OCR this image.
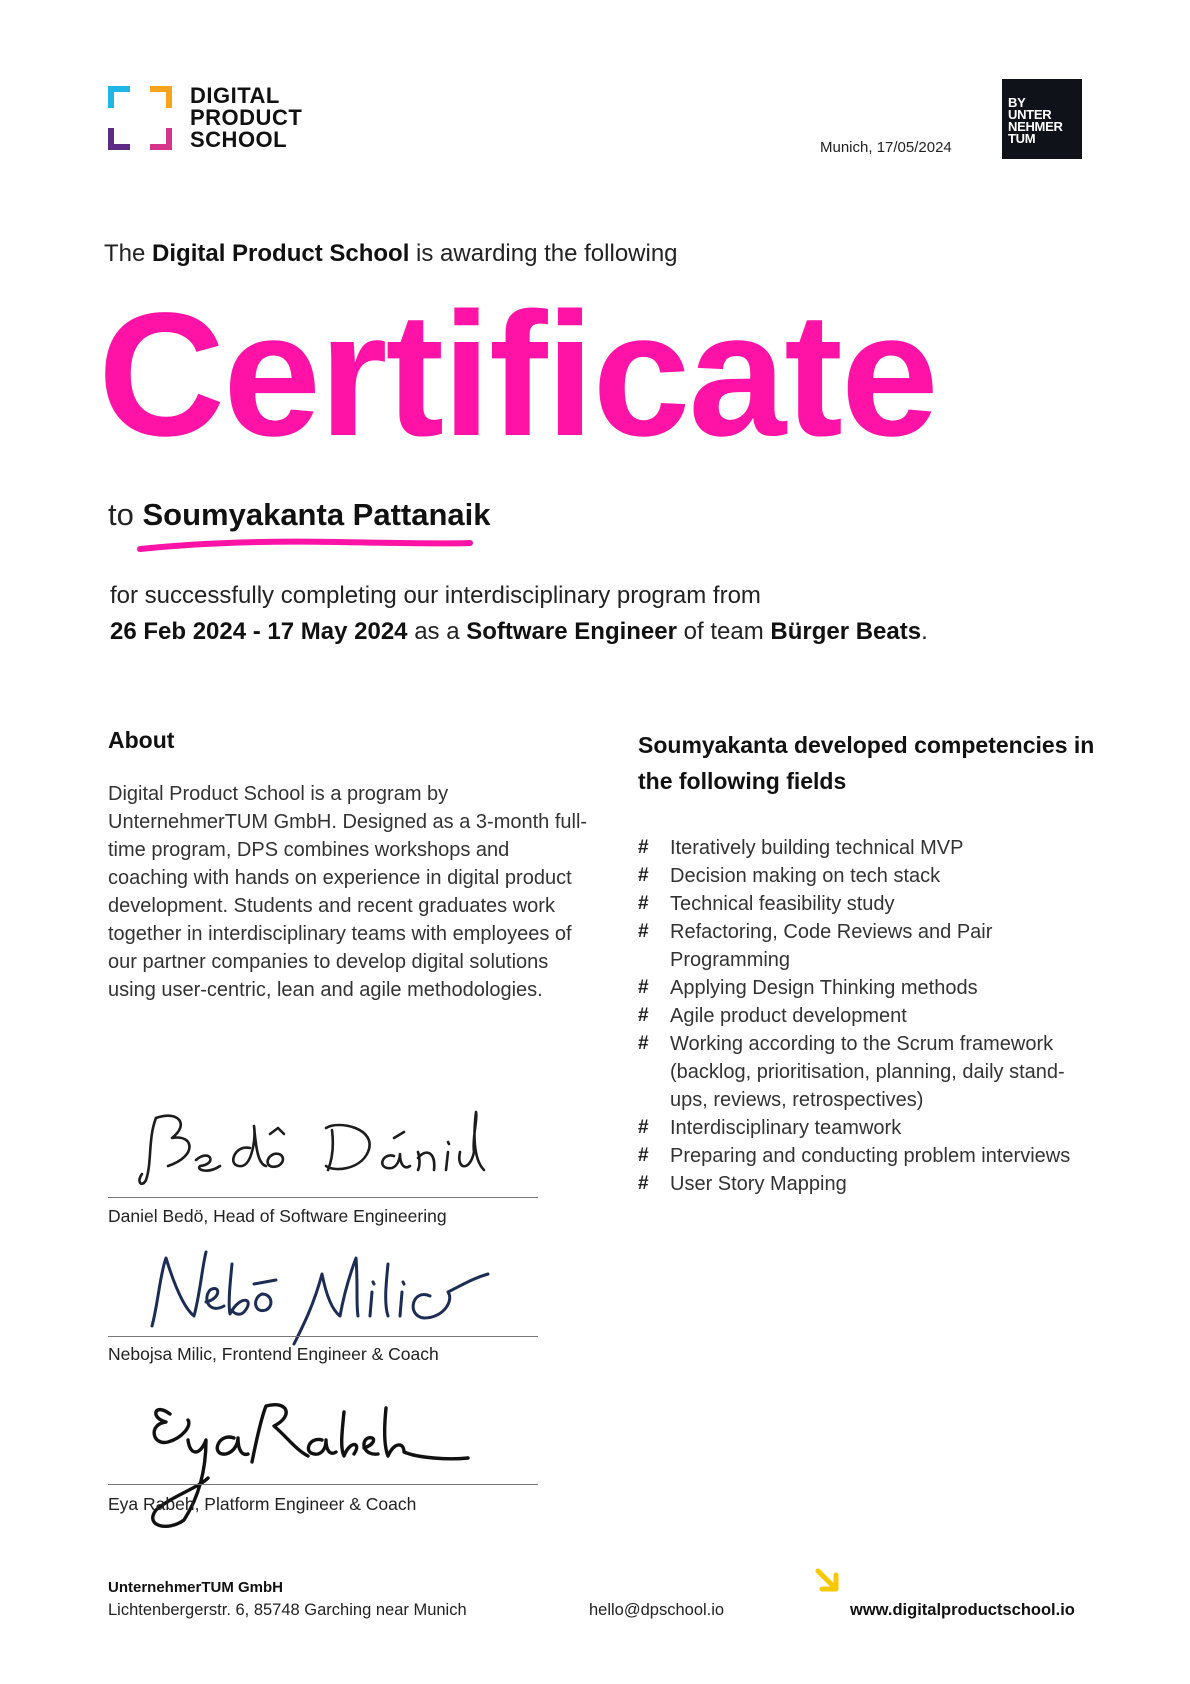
DIGITAL
PRODUCT
SCHOOL	Munich, 17/05/2024
BY
UNTER
NEHMER
TUM
The Digital Product School is awarding the following
Certificate
to Soumyakanta Pattanaik
for successfully completing our interdisciplinary program from
26 Feb 2024 - 17 May 2024 as a Software Engineer of team Bürger Beats.
About
Digital Product School is a program by UnternehmerTUM GmbH. Designed as a 3-month full-time program, DPS combines workshops and coaching with hands on experience in digital product development. Students and recent graduates work together in interdisciplinary teams with employees of our partner companies to develop digital solutions using user-centric, lean and agile methodologies.
Soumyakanta developed competencies in the following fields
# Iteratively building technical MVP
# Decision making on tech stack
# Technical feasibility study
# Refactoring, Code Reviews and Pair Programming
# Applying Design Thinking methods
# Agile product development
# Working according to the Scrum framework (backlog, prioritisation, planning, daily stand-ups, reviews, retrospectives)
# Interdisciplinary teamwork
# Preparing and conducting problem interviews
# User Story Mapping
Daniel Bedö, Head of Software Engineering
Nebojsa Milic, Frontend Engineer & Coach
Eya Rabeh, Platform Engineer & Coach
UnternehmerTUM GmbH
Lichtenbergerstr. 6, 85748 Garching near Munich	hello@dpschool.io	www.digitalproductschool.io
